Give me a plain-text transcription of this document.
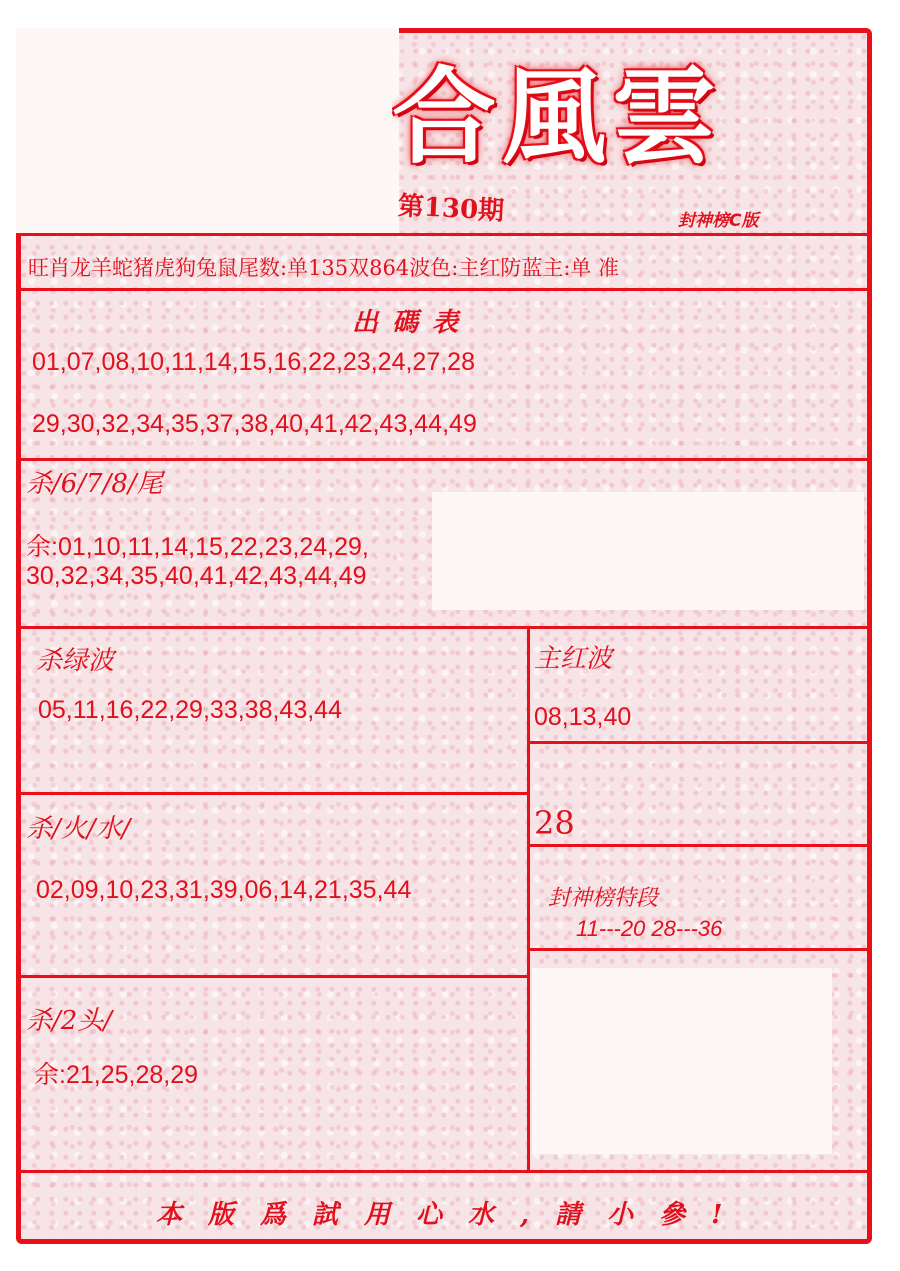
合風雲
第130期	封神榜C版
旺肖龙羊蛇猪虎狗兔鼠尾数:单135双864波色:主红防蓝主:单 准
出碼表
01,07,08,10,11,14,15,16,22,23,24,27,28
29,30,32,34,35,37,38,40,41,42,43,44,49
杀/6/7/8/尾
余:01,10,11,14,15,22,23,24,29,
30,32,34,35,40,41,42,43,44,49
杀绿波
05,11,16,22,29,33,38,43,44
主红波
08,13,40
28
杀/火/水/
02,09,10,23,31,39,06,14,21,35,44	封神榜特段
11---20 28---36
杀/2头/
余:21,25,28,29
本版爲試用心水,請小參!
